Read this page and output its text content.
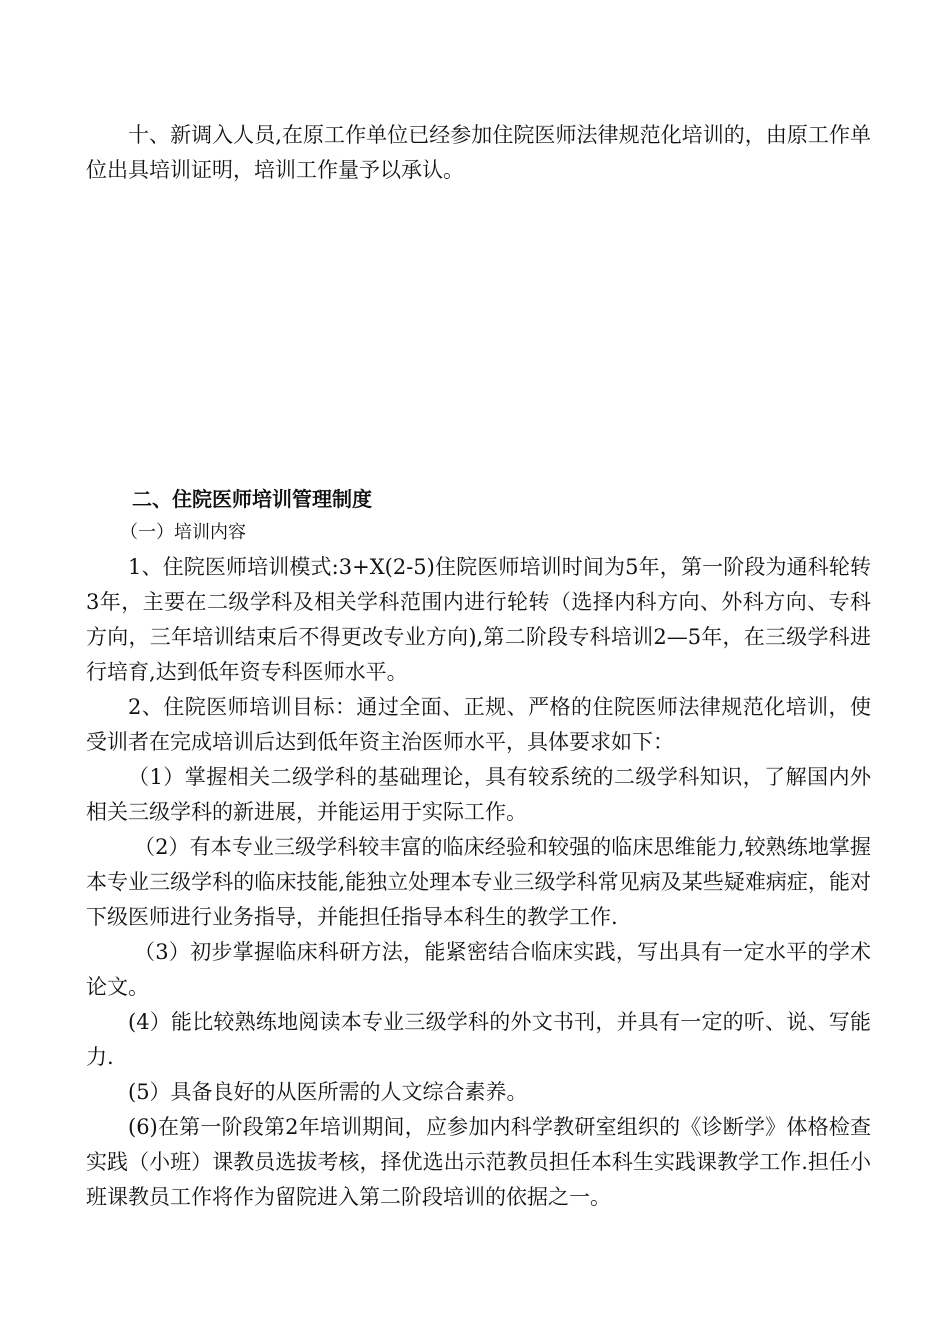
十、新调入人员,在原工作单位已经参加住院医师法律规范化培训的，由原工作单位出具培训证明，培训工作量予以承认。

二、住院医师培训管理制度

（一）培训内容

1、住院医师培训模式:3+X(2-5)住院医师培训时间为5年，第一阶段为通科轮转3年，主要在二级学科及相关学科范围内进行轮转（选择内科方向、外科方向、专科方向，三年培训结束后不得更改专业方向),第二阶段专科培训2—5年，在三级学科进行培育,达到低年资专科医师水平。

2、住院医师培训目标：通过全面、正规、严格的住院医师法律规范化培训，使受训者在完成培训后达到低年资主治医师水平，具体要求如下：

（1）掌握相关二级学科的基础理论，具有较系统的二级学科知识，了解国内外相关三级学科的新进展，并能运用于实际工作。

（2）有本专业三级学科较丰富的临床经验和较强的临床思维能力,较熟练地掌握本专业三级学科的临床技能,能独立处理本专业三级学科常见病及某些疑难病症，能对下级医师进行业务指导，并能担任指导本科生的教学工作.

（3）初步掌握临床科研方法，能紧密结合临床实践，写出具有一定水平的学术论文。

(4）能比较熟练地阅读本专业三级学科的外文书刊，并具有一定的听、说、写能力.

(5）具备良好的从医所需的人文综合素养。

(6)在第一阶段第2年培训期间，应参加内科学教研室组织的《诊断学》体格检查实践（小班）课教员选拔考核，择优选出示范教员担任本科生实践课教学工作.担任小班课教员工作将作为留院进入第二阶段培训的依据之一。
